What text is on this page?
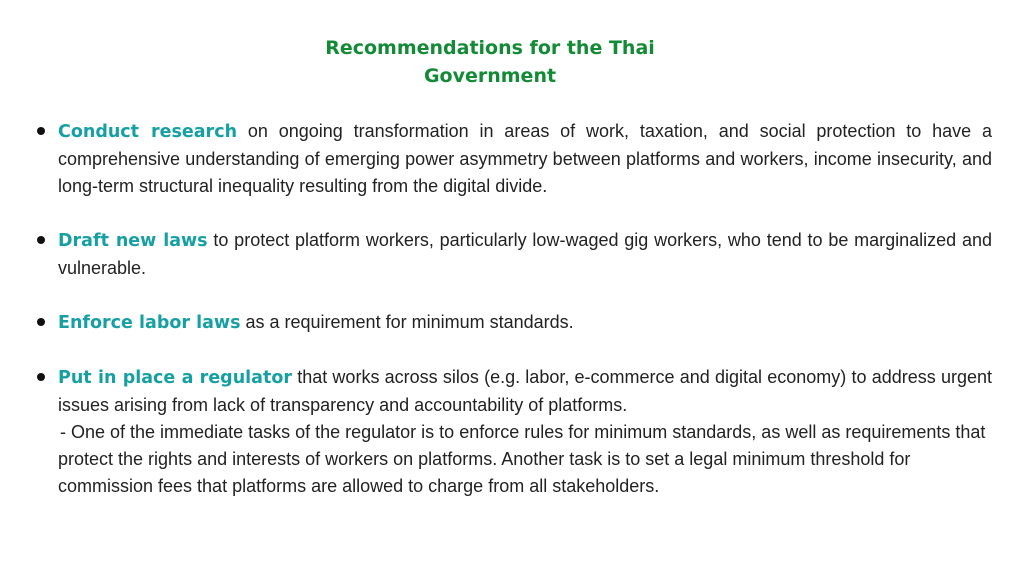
Recommendations for the Thai
Government
Conduct research on ongoing transformation in areas of work, taxation, and social protection to have a comprehensive understanding of emerging power asymmetry between platforms and workers, income insecurity, and long-term structural inequality resulting from the digital divide.
Draft new laws to protect platform workers, particularly low-waged gig workers, who tend to be marginalized and vulnerable.
Enforce labor laws as a requirement for minimum standards.
Put in place a regulator that works across silos (e.g. labor, e-commerce and digital economy) to address urgent issues arising from lack of transparency and accountability of platforms.
- One of the immediate tasks of the regulator is to enforce rules for minimum standards, as well as requirements that protect the rights and interests of workers on platforms. Another task is to set a legal minimum threshold for commission fees that platforms are allowed to charge from all stakeholders.
